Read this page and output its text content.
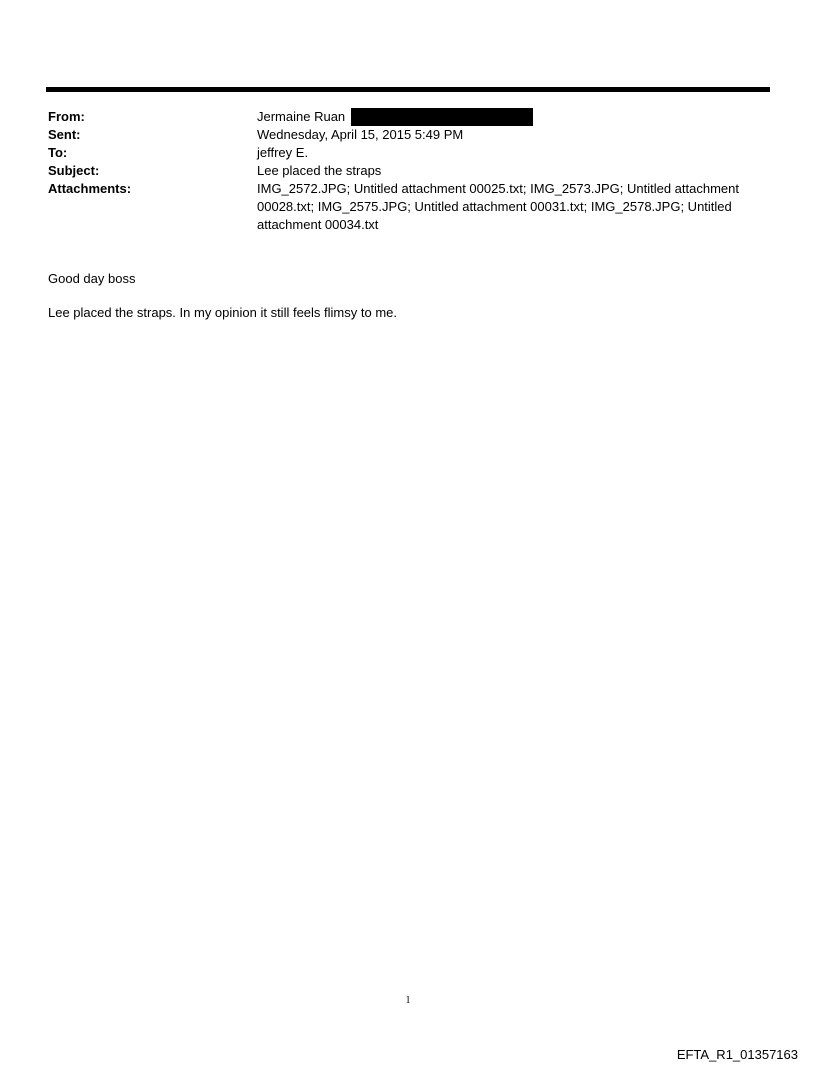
From:	Jermaine Ruan
Sent:	Wednesday, April 15, 2015 5:49 PM
To:	jeffrey E.
Subject:	Lee placed the straps
Attachments:	IMG_2572.JPG; Untitled attachment 00025.txt; IMG_2573.JPG; Untitled attachment 00028.txt; IMG_2575.JPG; Untitled attachment 00031.txt; IMG_2578.JPG; Untitled attachment 00034.txt

Good day boss

Lee placed the straps. In my opinion it still feels flimsy to me.

1
EFTA_R1_01357163
